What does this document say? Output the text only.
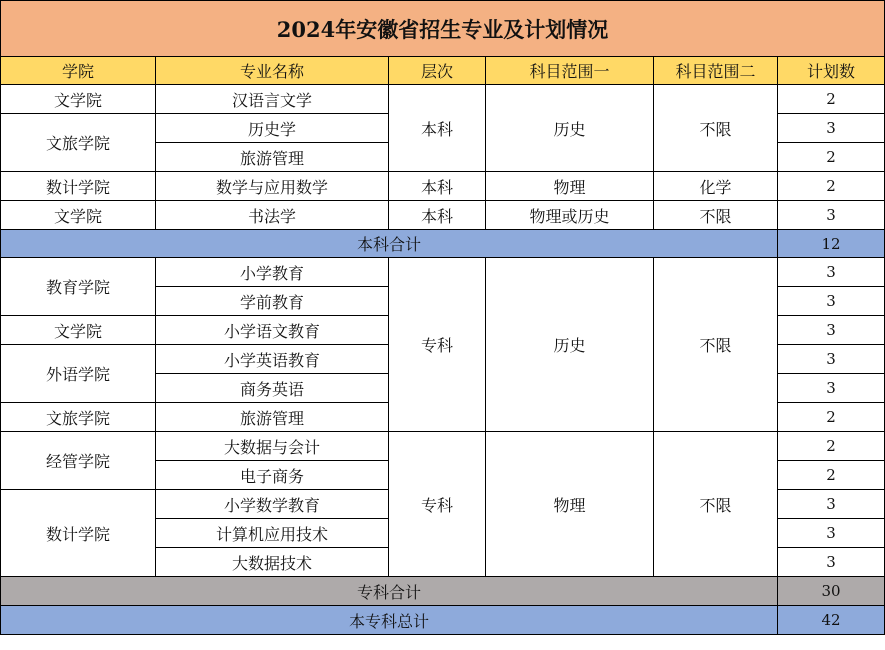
2024年安徽省招生专业及计划情况					
学院	专业名称	层次	科目范围一	科目范围二	计划数
文学院	汉语言文学	本科	历史	不限	2
文旅学院	历史学				3
	旅游管理				2
数计学院	数学与应用数学	本科	物理	化学	2
文学院	书法学	本科	物理或历史	不限	3
本科合计					12
教育学院	小学教育	专科	历史	不限	3
	学前教育				3
文学院	小学语文教育				3
外语学院	小学英语教育				3
	商务英语				3
文旅学院	旅游管理				2
经管学院	大数据与会计	专科	物理	不限	2
	电子商务				2
数计学院	小学数学教育				3
	计算机应用技术				3
	大数据技术				3
专科合计					30
本专科总计					42
